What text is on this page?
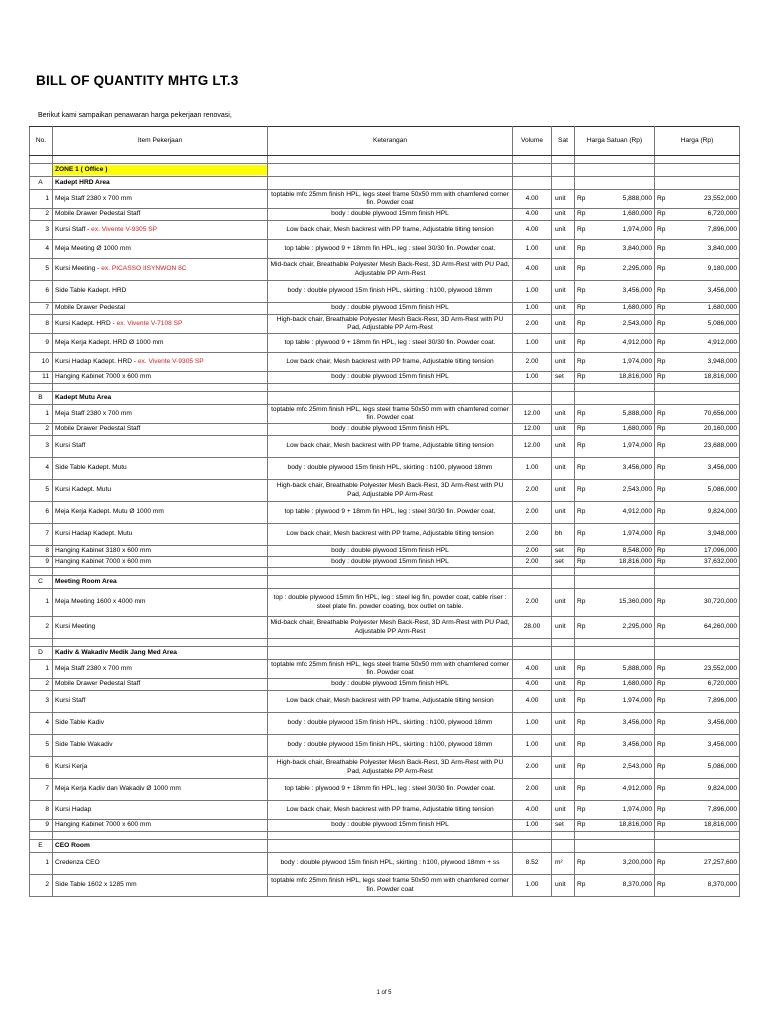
BILL OF QUANTITY MHTG LT.3
Berikut kami sampaikan penawaran harga pekerjaan renovasi,
No.	Item Pekerjaan	Keterangan	Volume	Sat	Harga Satuan (Rp)	Harga (Rp)

	ZONE 1 ( Office )					

A	Kadept HRD Area					
1	Meja Staff 2380 x 700 mm	toptable mfc 25mm finish HPL, legs steel frame 50x50 mm with chamfered corner fin. Powder coat	4.00	unit	Rp 5,888,000	Rp 23,552,000
2	Mobile Drawer Pedestal Staff	body : double plywood 15mm finish HPL	4.00	unit	Rp 1,680,000	Rp 6,720,000
3	Kursi Staff - ex. Vivente V-9305 SP	Low back chair, Mesh backrest with PP frame, Adjustable tilting tension	4.00	unit	Rp 1,974,000	Rp 7,896,000
4	Meja Meeting Ø 1000 mm	top table : plywood 9 + 18mm fin HPL, leg : steel 30/30 fin. Powder coat.	1.00	unit	Rp 3,840,000	Rp 3,840,000
5	Kursi Meeting - ex. PICASSO IISYNWON 8C	Mid-back chair, Breathable Polyester Mesh Back-Rest, 3D Arm-Rest with PU Pad, Adjustable PP Arm-Rest	4.00	unit	Rp 2,295,000	Rp 9,180,000
6	Side Table Kadept. HRD	body : double plywood 15m finish HPL, skirting : h100, plywood 18mm	1.00	unit	Rp 3,456,000	Rp 3,456,000
7	Mobile Drawer Pedestal	body : double plywood 15mm finish HPL	1.00	unit	Rp 1,680,000	Rp 1,680,000
8	Kursi Kadept. HRD - ex. Vivente V-7108 SP	High-back chair, Breathable Polyester Mesh Back-Rest, 3D Arm-Rest with PU Pad, Adjustable PP Arm-Rest	2.00	unit	Rp 2,543,000	Rp 5,086,000
9	Meja Kerja Kadept. HRD Ø 1000 mm	top table : plywood 9 + 18mm fin HPL, leg : steel 30/30 fin. Powder coat.	1.00	unit	Rp 4,912,000	Rp 4,912,000
10	Kursi Hadap Kadept. HRD - ex. Vivente V-9305 SP	Low back chair, Mesh backrest with PP frame, Adjustable tilting tension	2.00	unit	Rp 1,974,000	Rp 3,948,000
11	Hanging Kabinet 7000 x 600 mm	body : double plywood 15mm finish HPL	1.00	set	Rp 18,816,000	Rp 18,816,000

B	Kadept Mutu Area					
1	Meja Staff 2380 x 700 mm	toptable mfc 25mm finish HPL, legs steel frame 50x50 mm with chamfered corner fin. Powder coat	12.00	unit	Rp 5,888,000	Rp 70,656,000
2	Mobile Drawer Pedestal Staff	body : double plywood 15mm finish HPL	12.00	unit	Rp 1,680,000	Rp 20,160,000
3	Kursi Staff	Low back chair, Mesh backrest with PP frame, Adjustable tilting tension	12.00	unit	Rp 1,974,000	Rp 23,688,000
4	Side Table Kadept. Mutu	body : double plywood 15m finish HPL, skirting : h100, plywood 18mm	1.00	unit	Rp 3,456,000	Rp 3,456,000
5	Kursi Kadept. Mutu	High-back chair, Breathable Polyester Mesh Back-Rest, 3D Arm-Rest with PU Pad, Adjustable PP Arm-Rest	2.00	unit	Rp 2,543,000	Rp 5,086,000
6	Meja Kerja Kadept. Mutu Ø 1000 mm	top table : plywood 9 + 18mm fin HPL, leg : steel 30/30 fin. Powder coat.	2.00	unit	Rp 4,912,000	Rp 9,824,000
7	Kursi Hadap Kadept. Mutu	Low back chair, Mesh backrest with PP frame, Adjustable tilting tension	2.00	bh	Rp 1,974,000	Rp 3,948,000
8	Hanging Kabinet 3180 x 600 mm	body : double plywood 15mm finish HPL	2.00	set	Rp 8,548,000	Rp 17,096,000
9	Hanging Kabinet 7000 x 600 mm	body : double plywood 15mm finish HPL	2.00	set	Rp 18,816,000	Rp 37,632,000

C	Meeting Room Area					
1	Meja Meeting 1600 x 4000 mm	top : double plywood 15mm fin HPL, leg : steel leg fin, powder coat, cable riser : steel plate fin. powder coating, box outlet on table.	2.00	unit	Rp 15,360,000	Rp 30,720,000
2	Kursi Meeting	Mid-back chair, Breathable Polyester Mesh Back-Rest, 3D Arm-Rest with PU Pad, Adjustable PP Arm-Rest	28.00	unit	Rp 2,295,000	Rp 64,260,000

D	Kadiv & Wakadiv Medik Jang Med Area					
1	Meja Staff 2380 x 700 mm	toptable mfc 25mm finish HPL, legs steel frame 50x50 mm with chamfered corner fin. Powder coat	4.00	unit	Rp 5,888,000	Rp 23,552,000
2	Mobile Drawer Pedestal Staff	body : double plywood 15mm finish HPL	4.00	unit	Rp 1,680,000	Rp 6,720,000
3	Kursi Staff	Low back chair, Mesh backrest with PP frame, Adjustable tilting tension	4.00	unit	Rp 1,974,000	Rp 7,896,000
4	Side Table Kadiv	body : double plywood 15m finish HPL, skirting : h100, plywood 18mm	1.00	unit	Rp 3,456,000	Rp 3,456,000
5	Side Table Wakadiv	body : double plywood 15m finish HPL, skirting : h100, plywood 18mm	1.00	unit	Rp 3,456,000	Rp 3,456,000
6	Kursi Kerja	High-back chair, Breathable Polyester Mesh Back-Rest, 3D Arm-Rest with PU Pad, Adjustable PP Arm-Rest	2.00	unit	Rp 2,543,000	Rp 5,086,000
7	Meja Kerja Kadiv dan Wakadiv Ø 1000 mm	top table : plywood 9 + 18mm fin HPL, leg : steel 30/30 fin. Powder coat.	2.00	unit	Rp 4,912,000	Rp 9,824,000
8	Kursi Hadap	Low back chair, Mesh backrest with PP frame, Adjustable tilting tension	4.00	unit	Rp 1,974,000	Rp 7,896,000
9	Hanging Kabinet 7000 x 600 mm	body : double plywood 15mm finish HPL	1.00	set	Rp 18,816,000	Rp 18,816,000

E	CEO Room					
1	Credenza CEO	body : double plywood 15m finish HPL, skirting : h100, plywood 18mm + ss	8.52	m²	Rp 3,200,000	Rp 27,257,600
2	Side Table 1602 x 1285 mm	toptable mfc 25mm finish HPL, legs steel frame 50x50 mm with chamfered corner fin. Powder coat	1.00	unit	Rp 8,370,000	Rp 8,370,000
1 of 5
